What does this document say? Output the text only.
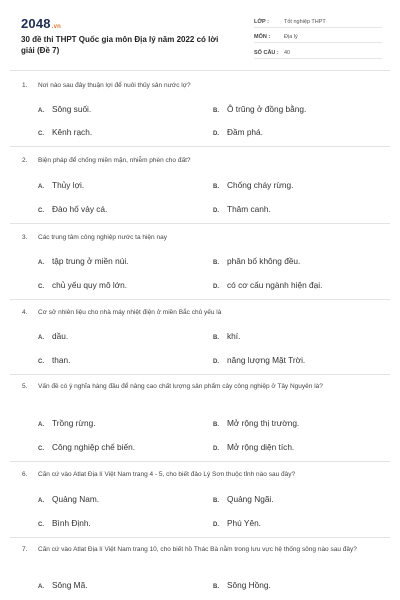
2048.vn
30 đề thi THPT Quốc gia môn Địa lý năm 2022 có lời giải (Đề 7)
LỚP :	Tốt nghiệp THPT
MÔN :	Địa lý
SỐ CÂU : 40
1.	Nơi nào sau đây thuận lợi để nuôi thủy sản nước lợ?
A. Sông suối.	B. Ô trũng ở đồng bằng.
C. Kênh rạch.	D. Đầm phá.
2.	Biện pháp để chống miền mặn, nhiễm phèn cho đất?
A. Thủy lợi.	B. Chống cháy rừng.
C. Đào hố vảy cá.	D. Thâm canh.
3.	Các trung tâm công nghiệp nước ta hiện nay
A. tập trung ở miền núi.	B. phân bố không đều.
C. chủ yếu quy mô lớn.	D. có cơ cấu ngành hiện đại.
4.	Cơ sở nhiên liệu cho nhà máy nhiệt điện ở miền Bắc chủ yếu là
A. dầu.	B. khí.
C. than.	D. năng lượng Mặt Trời.
5.	Vấn đề có ý nghĩa hàng đầu để nâng cao chất lượng sản phẩm cây công nghiệp ở Tây Nguyên là?
A. Trồng rừng.	B. Mở rộng thị trường.
C. Công nghiệp chế biến.	D. Mở rộng diện tích.
6.	Căn cứ vào Atlat Địa lí Việt Nam trang 4 - 5, cho biết đảo Lý Sơn thuộc tỉnh nào sau đây?
A. Quảng Nam.	B. Quảng Ngãi.
C. Bình Định.	D. Phú Yên.
7.	Căn cứ vào Atlat Địa lí Việt Nam trang 10, cho biết hồ Thác Bà nằm trong lưu vực hệ thống sông nào sau đây?
A. Sông Mã.	B. Sông Hồng.
